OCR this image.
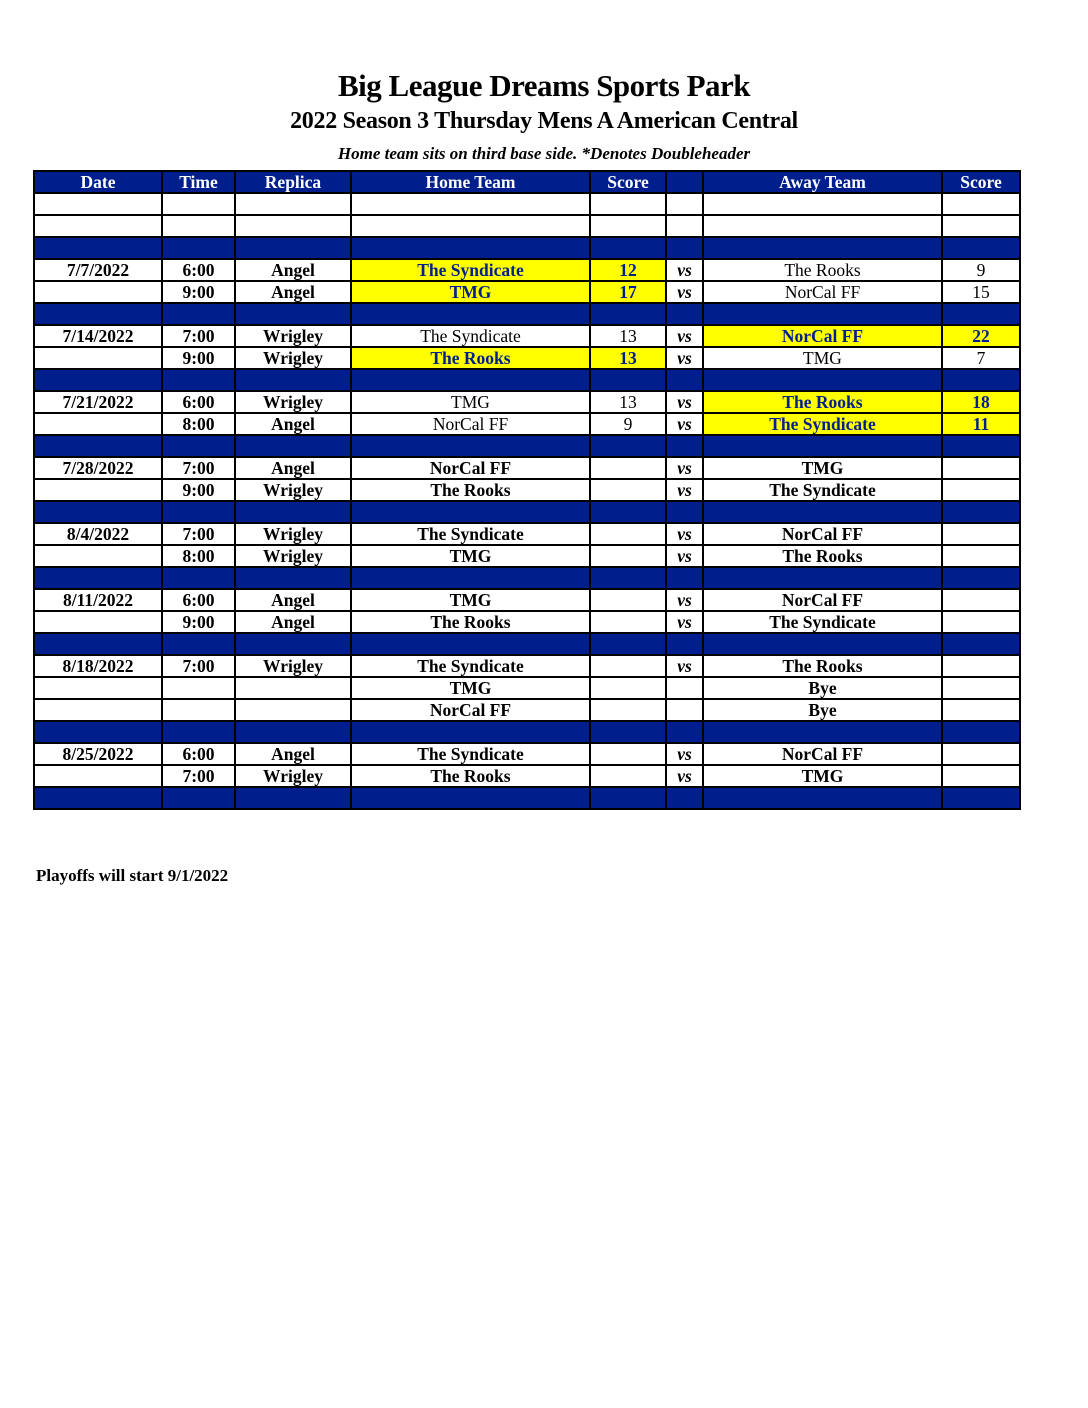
Big League Dreams Sports Park
2022 Season 3 Thursday Mens A American Central
Home team sits on third base side. *Denotes Doubleheader
Date	Time	Replica	Home Team	Score		Away Team	Score

7/7/2022	6:00	Angel	The Syndicate	12	vs	The Rooks	9
	9:00	Angel	TMG	17	vs	NorCal FF	15

7/14/2022	7:00	Wrigley	The Syndicate	13	vs	NorCal FF	22
	9:00	Wrigley	The Rooks	13	vs	TMG	7

7/21/2022	6:00	Wrigley	TMG	13	vs	The Rooks	18
	8:00	Angel	NorCal FF	9	vs	The Syndicate	11

7/28/2022	7:00	Angel	NorCal FF		vs	TMG	
	9:00	Wrigley	The Rooks		vs	The Syndicate	

8/4/2022	7:00	Wrigley	The Syndicate		vs	NorCal FF	
	8:00	Wrigley	TMG		vs	The Rooks	

8/11/2022	6:00	Angel	TMG		vs	NorCal FF	
	9:00	Angel	The Rooks		vs	The Syndicate	

8/18/2022	7:00	Wrigley	The Syndicate		vs	The Rooks	
			TMG			Bye	
			NorCal FF			Bye	

8/25/2022	6:00	Angel	The Syndicate		vs	NorCal FF	
	7:00	Wrigley	The Rooks		vs	TMG	

Playoffs will start 9/1/2022
